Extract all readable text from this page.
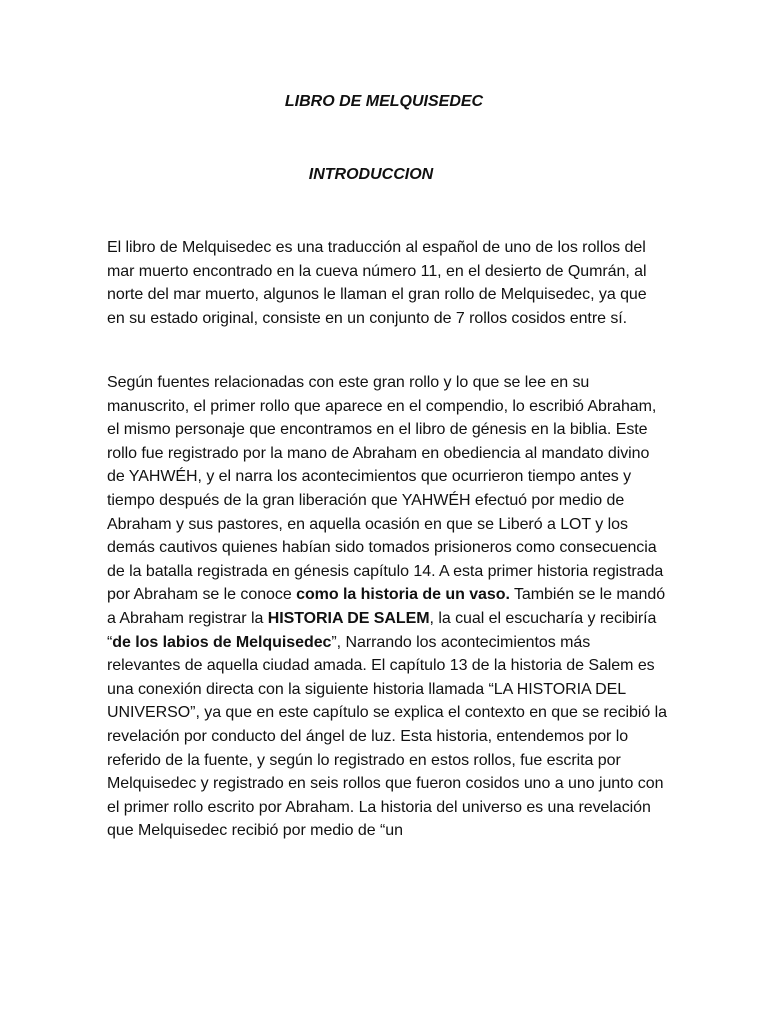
LIBRO DE MELQUISEDEC
INTRODUCCION

El libro de Melquisedec es una traducción al español de uno de los rollos del mar muerto encontrado en la cueva número 11, en el desierto de Qumrán, al norte del mar muerto, algunos le llaman el gran rollo de Melquisedec, ya que en su estado original, consiste en un conjunto de 7 rollos cosidos entre sí.

Según fuentes relacionadas con este gran rollo y lo que se lee en su manuscrito, el primer rollo que aparece en el compendio, lo escribió Abraham, el mismo personaje que encontramos en el libro de génesis en la biblia. Este rollo fue registrado por la mano de Abraham en obediencia al mandato divino de YAHWÉH, y el narra los acontecimientos que ocurrieron tiempo antes y tiempo después de la gran liberación que YAHWÉH efectuó por medio de Abraham y sus pastores, en aquella ocasión en que se Liberó a LOT y los demás cautivos quienes habían sido tomados prisioneros como consecuencia de la batalla registrada en génesis capítulo 14. A esta primer historia registrada por Abraham se le conoce como la historia de un vaso. También se le mandó a Abraham registrar la HISTORIA DE SALEM, la cual el escucharía y recibiría “de los labios de Melquisedec”, Narrando los acontecimientos más relevantes de aquella ciudad amada. El capítulo 13 de la historia de Salem es una conexión directa con la siguiente historia llamada “LA HISTORIA DEL UNIVERSO”, ya que en este capítulo se explica el contexto en que se recibió la revelación por conducto del ángel de luz. Esta historia, entendemos por lo referido de la fuente, y según lo registrado en estos rollos, fue escrita por Melquisedec y registrado en seis rollos que fueron cosidos uno a uno junto con el primer rollo escrito por Abraham. La historia del universo es una revelación que Melquisedec recibió por medio de “un
